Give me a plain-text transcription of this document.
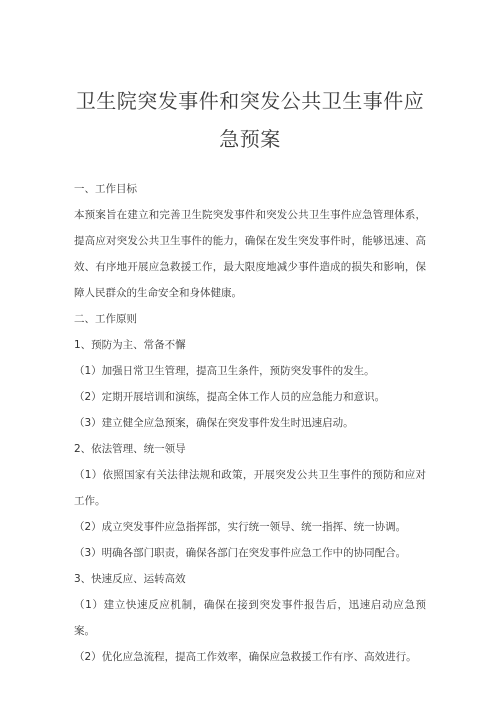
卫生院突发事件和突发公共卫生事件应急预案

一、工作目标

本预案旨在建立和完善卫生院突发事件和突发公共卫生事件应急管理体系，提高应对突发公共卫生事件的能力，确保在发生突发事件时，能够迅速、高效、有序地开展应急救援工作，最大限度地减少事件造成的损失和影响，保障人民群众的生命安全和身体健康。

二、工作原则

1、预防为主、常备不懈

（1）加强日常卫生管理，提高卫生条件，预防突发事件的发生。

（2）定期开展培训和演练，提高全体工作人员的应急能力和意识。

（3）建立健全应急预案，确保在突发事件发生时迅速启动。

2、依法管理、统一领导

（1）依照国家有关法律法规和政策，开展突发公共卫生事件的预防和应对工作。

（2）成立突发事件应急指挥部，实行统一领导、统一指挥、统一协调。

（3）明确各部门职责，确保各部门在突发事件应急工作中的协同配合。

3、快速反应、运转高效

（1）建立快速反应机制，确保在接到突发事件报告后，迅速启动应急预案。

（2）优化应急流程，提高工作效率，确保应急救援工作有序、高效进行。
